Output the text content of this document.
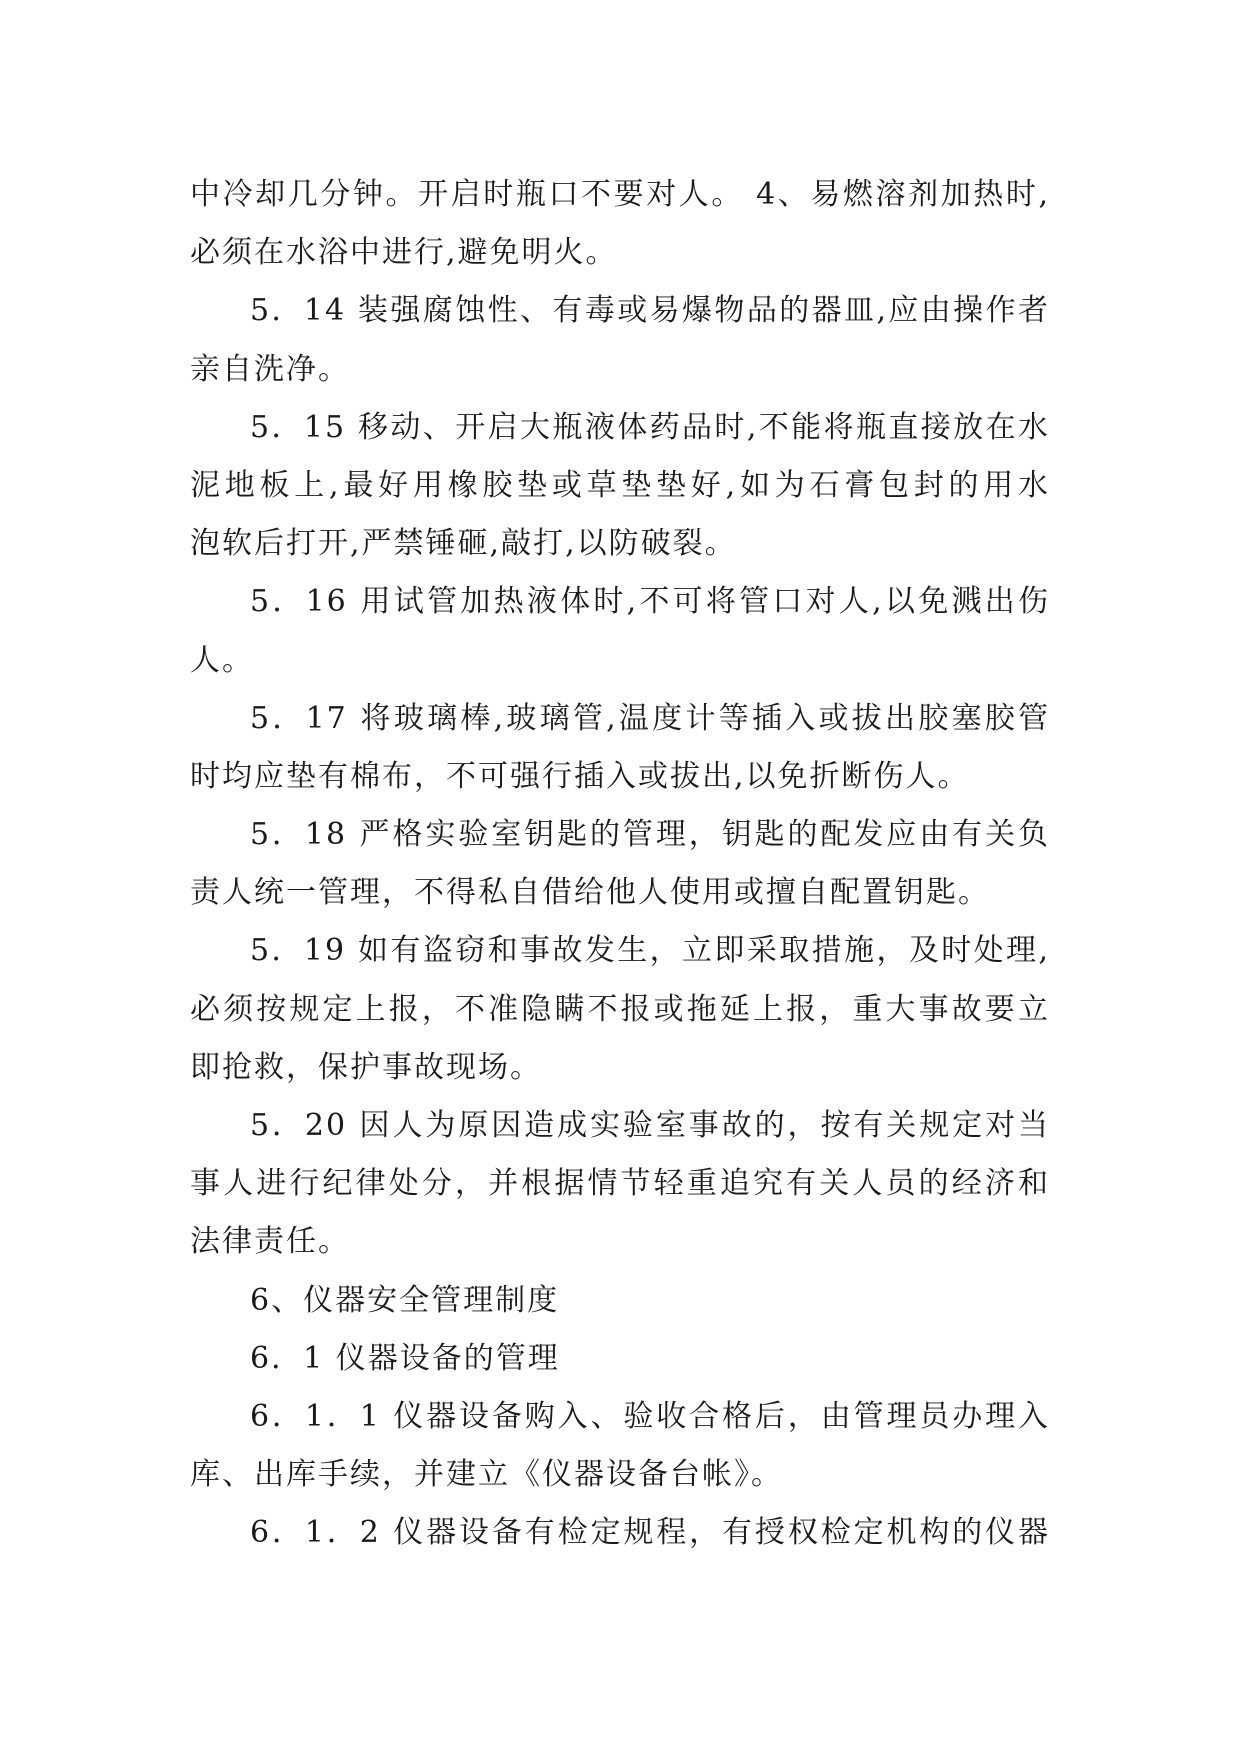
中冷却几分钟。开启时瓶口不要对人。 4、易燃溶剂加热时,
必须在水浴中进行,避免明火。
5．14 装强腐蚀性、有毒或易爆物品的器皿,应由操作者
亲自洗净。
5．15 移动、开启大瓶液体药品时,不能将瓶直接放在水
泥地板上,最好用橡胶垫或草垫垫好,如为石膏包封的用水
泡软后打开,严禁锤砸,敲打,以防破裂。
5．16 用试管加热液体时,不可将管口对人,以免溅出伤
人。
5．17 将玻璃棒,玻璃管,温度计等插入或拔出胶塞胶管
时均应垫有棉布，不可强行插入或拔出,以免折断伤人。
5．18 严格实验室钥匙的管理，钥匙的配发应由有关负
责人统一管理，不得私自借给他人使用或擅自配置钥匙。
5．19 如有盗窃和事故发生，立即采取措施，及时处理,
必须按规定上报，不准隐瞒不报或拖延上报，重大事故要立
即抢救，保护事故现场。
5．20 因人为原因造成实验室事故的，按有关规定对当
事人进行纪律处分，并根据情节轻重追究有关人员的经济和
法律责任。
6、仪器安全管理制度
6．1 仪器设备的管理
6．1．1 仪器设备购入、验收合格后，由管理员办理入
库、出库手续，并建立《仪器设备台帐》。
6．1．2 仪器设备有检定规程，有授权检定机构的仪器
